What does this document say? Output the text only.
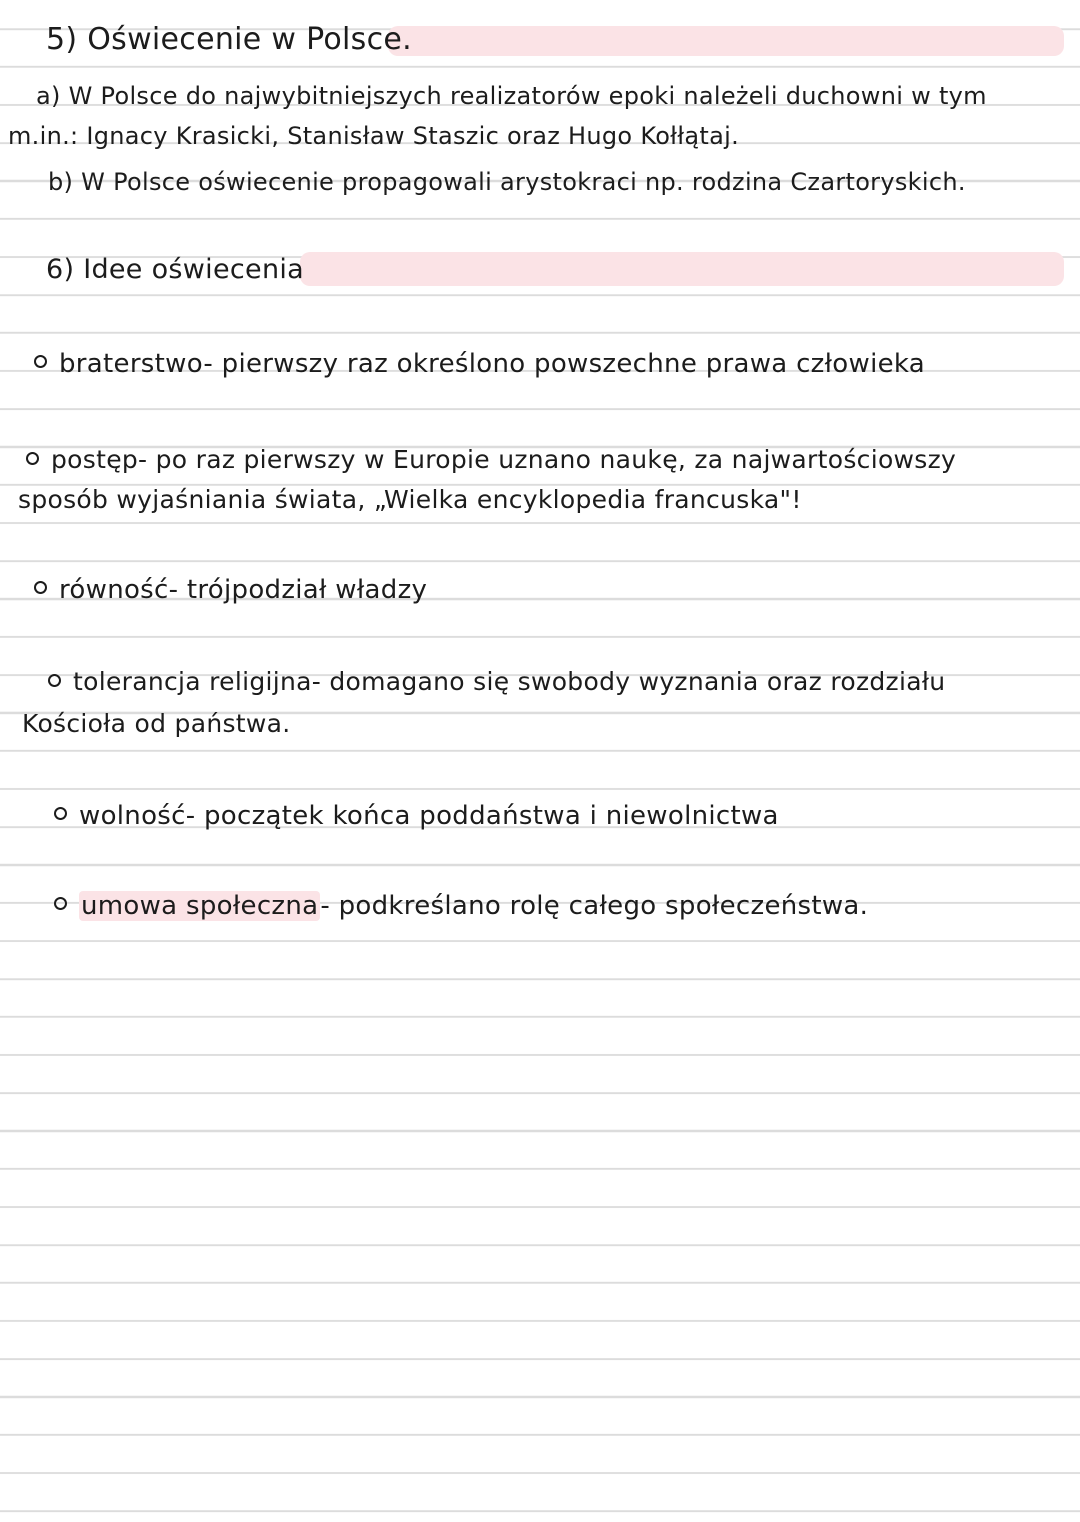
5) Oświecenie w Polsce.
a) W Polsce do najwybitniejszych realizatorów epoki należeli duchowni w tym
m.in.: Ignacy Krasicki, Stanisław Staszic oraz Hugo Kołłątaj.
b) W Polsce oświecenie propagowali arystokraci np. rodzina Czartoryskich.
6) Idee oświecenia
braterstwo- pierwszy raz określono powszechne prawa człowieka
postęp- po raz pierwszy w Europie uznano naukę, za najwartościowszy
sposób wyjaśniania świata, „Wielka encyklopedia francuska"!
równość- trójpodział władzy
tolerancja religijna- domagano się swobody wyznania oraz rozdziału
Kościoła od państwa.
wolność- początek końca poddaństwa i niewolnictwa
umowa społeczna- podkreślano rolę całego społeczeństwa.
